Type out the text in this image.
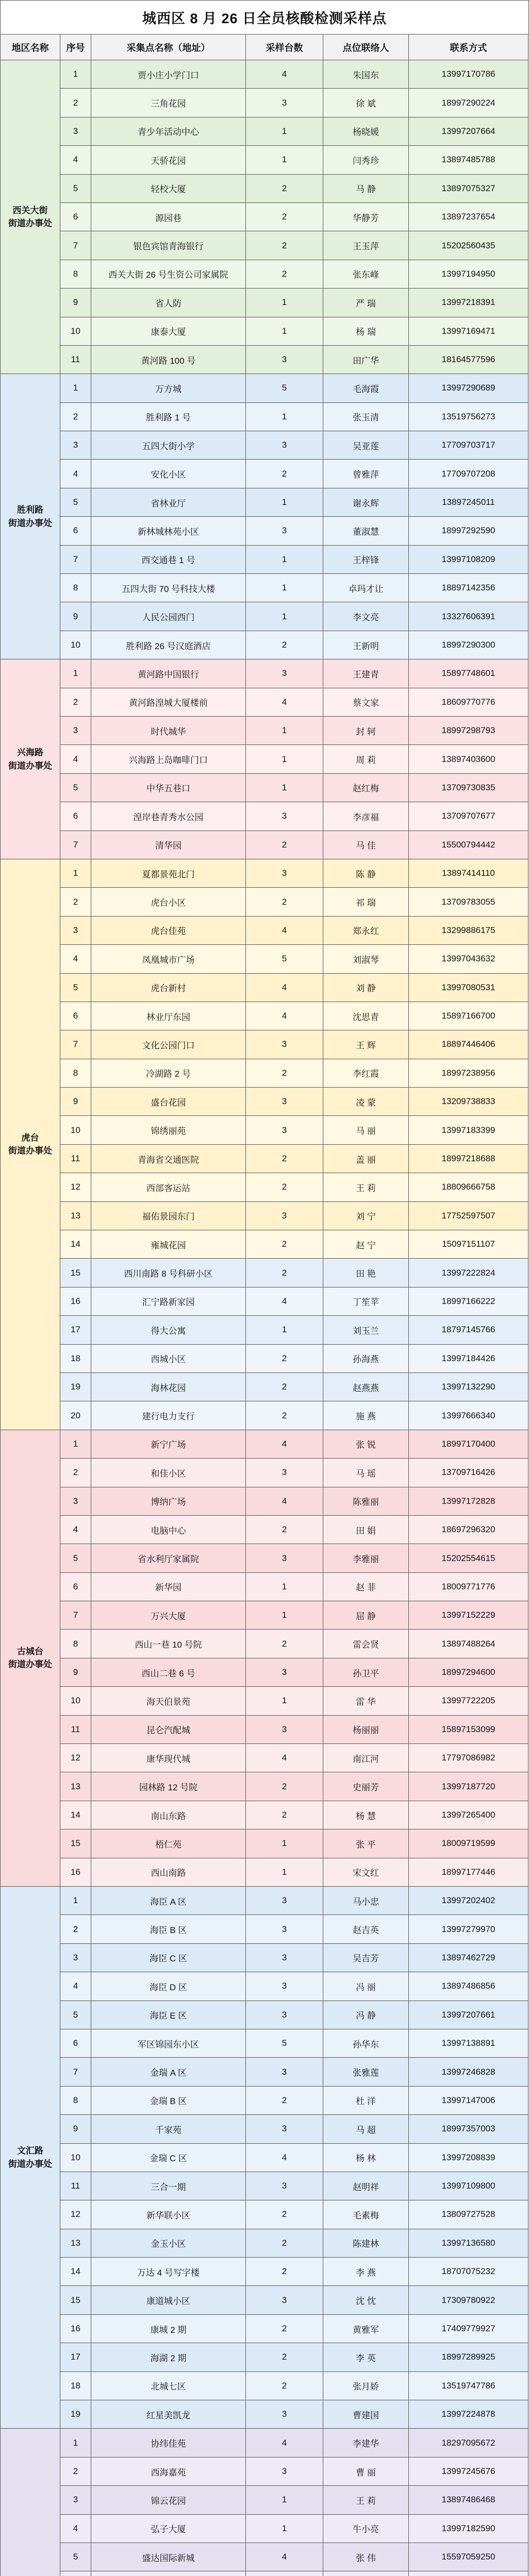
城西区 8 月 26 日全员核酸检测采样点
地区名称	序号	采集点名称（地址）	采样台数	点位联络人	联系方式
西关大街
街道办事处
1	贾小庄小学门口	4	朱国东	13997170786
2	三角花园	3	徐 斌	18997290224
3	青少年活动中心	1	杨晓媛	13997207664
4	天骄花园	1	闫秀珍	13897485788
5	轻校大厦	2	马 静	13897075327
6	源园巷	2	华静芳	13897237654
7	银色宾馆青海银行	2	王玉萍	15202560435
8	西关大街 26 号生资公司家属院	2	张东峰	13997194950
9	省人防	1	严 瑞	13997218391
10	康泰大厦	1	杨 瑞	13997169471
11	黄河路 100 号	3	田广华	18164577596
胜利路
街道办事处
1	万方城	5	毛海霞	13997290689
2	胜利路 1 号	1	张玉清	13519756273
3	五四大街小学	3	吴亚莲	17709703717
4	安化小区	2	曾雅萍	17709707208
5	省林业厅	1	谢永辉	13897245011
6	新林城林苑小区	3	董淑慧	18997292590
7	西交通巷 1 号	1	王梓锋	13997108209
8	五四大街 70 号科技大楼	1	卓玛才让	18897142356
9	人民公园西门	1	李文亮	13327606391
10	胜利路 26 号汉庭酒店	2	王新明	18997290300
兴海路
街道办事处
1	黄河路中国银行	3	王建青	15897748601
2	黄河路湟城大厦楼前	4	蔡文家	18609770776
3	时代城华	1	封 轲	18997298793
4	兴海路上岛咖啡门口	1	周 莉	13897403600
5	中华五巷口	1	赵红梅	13709730835
6	湟岸巷青秀水公园	3	李彦福	13709707677
7	清华园	2	马 佳	15500794442
虎台
街道办事处
1	夏都景苑北门	3	陈 静	13897414110
2	虎台小区	2	祁 瑞	13709783055
3	虎台佳苑	4	郑永红	13299886175
4	凤凰城市广场	5	刘淑琴	13997043632
5	虎台新村	4	刘 静	13997080531
6	林业厅东园	4	沈思青	15897166700
7	文化公园门口	3	王 辉	18897446406
8	冷湖路 2 号	2	李红霞	18997238956
9	盛台花园	3	凌 蒙	13209738833
10	锦绣丽苑	3	马 丽	13997183399
11	青海省交通医院	2	盖 丽	18997218688
12	西部客运站	2	王 莉	18809666758
13	福佑景园东门	3	刘 宁	17752597507
14	雍城花园	2	赵 宁	15097151107
15	西川南路 8 号科研小区	2	田 艳	13997222824
16	汇宁路新家园	4	丁笙苹	18997166222
17	得大公寓	1	刘玉兰	18797145766
18	西城小区	2	孙海燕	13997184426
19	海林花园	2	赵燕燕	13997132290
20	建行电力支行	2	施 燕	13997666340
古城台
街道办事处
1	新宁广场	4	张 锐	18997170400
2	和佳小区	3	马 瑶	13709716426
3	博纳广场	4	陈雅丽	13997172828
4	电脑中心	2	田 娟	18697296320
5	省水利厅家属院	3	李雅丽	15202554615
6	新华园	1	赵 菲	18009771776
7	万兴大厦	1	屈 静	13997152229
8	西山一巷 10 号院	2	雷会贤	13897488264
9	西山二巷 6 号	3	孙卫平	18997294600
10	海天伯景苑	1	雷 华	13997722205
11	昆仑汽配城	3	杨丽丽	15897153099
12	康华现代城	4	南江河	17797086982
13	园林路 12 号院	2	史丽芳	13997187720
14	南山东路	2	杨 慧	13997265400
15	梧仁苑	1	张 平	18009719599
16	西山南路	1	宋文红	18997177446
文汇路
街道办事处
1	海臣 A 区	3	马小忠	13997202402
2	海臣 B 区	3	赵吉英	13997279970
3	海臣 C 区	3	吴吉芳	13897462729
4	海臣 D 区	3	冯 丽	13897486856
5	海臣 E 区	3	冯 静	13997207661
6	军区锦园东小区	5	孙华东	13997138891
7	金瑞 A 区	3	张雅莲	13997246828
8	金瑞 B 区	2	杜 洋	13997147006
9	千家苑	3	马 超	18997357003
10	金瑞 C 区	4	杨 林	13997208839
11	三合一期	3	赵明祥	13997109800
12	新华联小区	2	毛素梅	13809727528
13	金玉小区	2	陈建林	13997136580
14	万达 4 号写字楼	2	李 燕	18707075232
15	康道城小区	3	沈 忱	17309780922
16	康城 2 期	2	黄雅军	17409779927
17	海湖 2 期	2	李 英	18997289925
18	北城七区	2	张月娇	13519747786
19	红星美凯龙	3	曹建国	13997224878
1	协纬佳苑	4	李建华	18297095672
2	西海嘉苑	3	曹 丽	13997245676
3	锦云花园	1	王 莉	13897486468
4	弘子大厦	1	牛小亮	13997182590
5	盛达国际新城	4	张 伟	15597059250
